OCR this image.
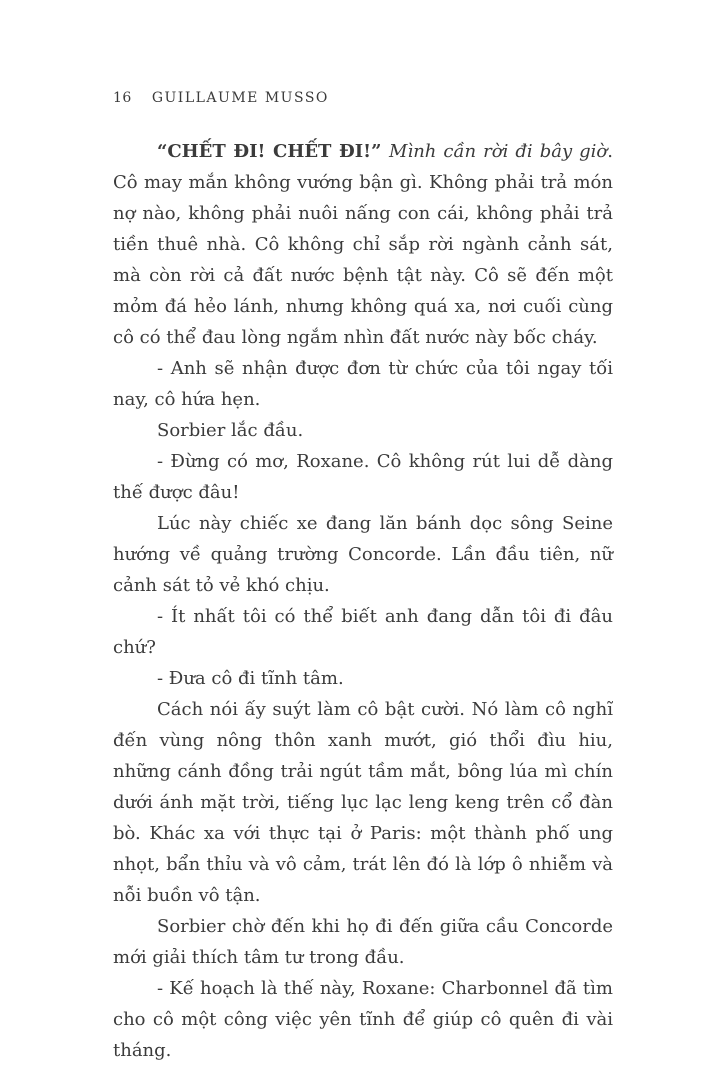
16 GUILLAUME MUSSO

“CHẾT ĐI! CHẾT ĐI!” Mình cần rời đi bây giờ. Cô may mắn không vướng bận gì. Không phải trả món nợ nào, không phải nuôi nấng con cái, không phải trả tiền thuê nhà. Cô không chỉ sắp rời ngành cảnh sát, mà còn rời cả đất nước bệnh tật này. Cô sẽ đến một mỏm đá hẻo lánh, nhưng không quá xa, nơi cuối cùng cô có thể đau lòng ngắm nhìn đất nước này bốc cháy.

- Anh sẽ nhận được đơn từ chức của tôi ngay tối nay, cô hứa hẹn.

Sorbier lắc đầu.

- Đừng có mơ, Roxane. Cô không rút lui dễ dàng thế được đâu!

Lúc này chiếc xe đang lăn bánh dọc sông Seine hướng về quảng trường Concorde. Lần đầu tiên, nữ cảnh sát tỏ vẻ khó chịu.

- Ít nhất tôi có thể biết anh đang dẫn tôi đi đâu chứ?

- Đưa cô đi tĩnh tâm.

Cách nói ấy suýt làm cô bật cười. Nó làm cô nghĩ đến vùng nông thôn xanh mướt, gió thổi đìu hiu, những cánh đồng trải ngút tầm mắt, bông lúa mì chín dưới ánh mặt trời, tiếng lục lạc leng keng trên cổ đàn bò. Khác xa với thực tại ở Paris: một thành phố ung nhọt, bẩn thỉu và vô cảm, trát lên đó là lớp ô nhiễm và nỗi buồn vô tận.

Sorbier chờ đến khi họ đi đến giữa cầu Concorde mới giải thích tâm tư trong đầu.

- Kế hoạch là thế này, Roxane: Charbonnel đã tìm cho cô một công việc yên tĩnh để giúp cô quên đi vài tháng.
